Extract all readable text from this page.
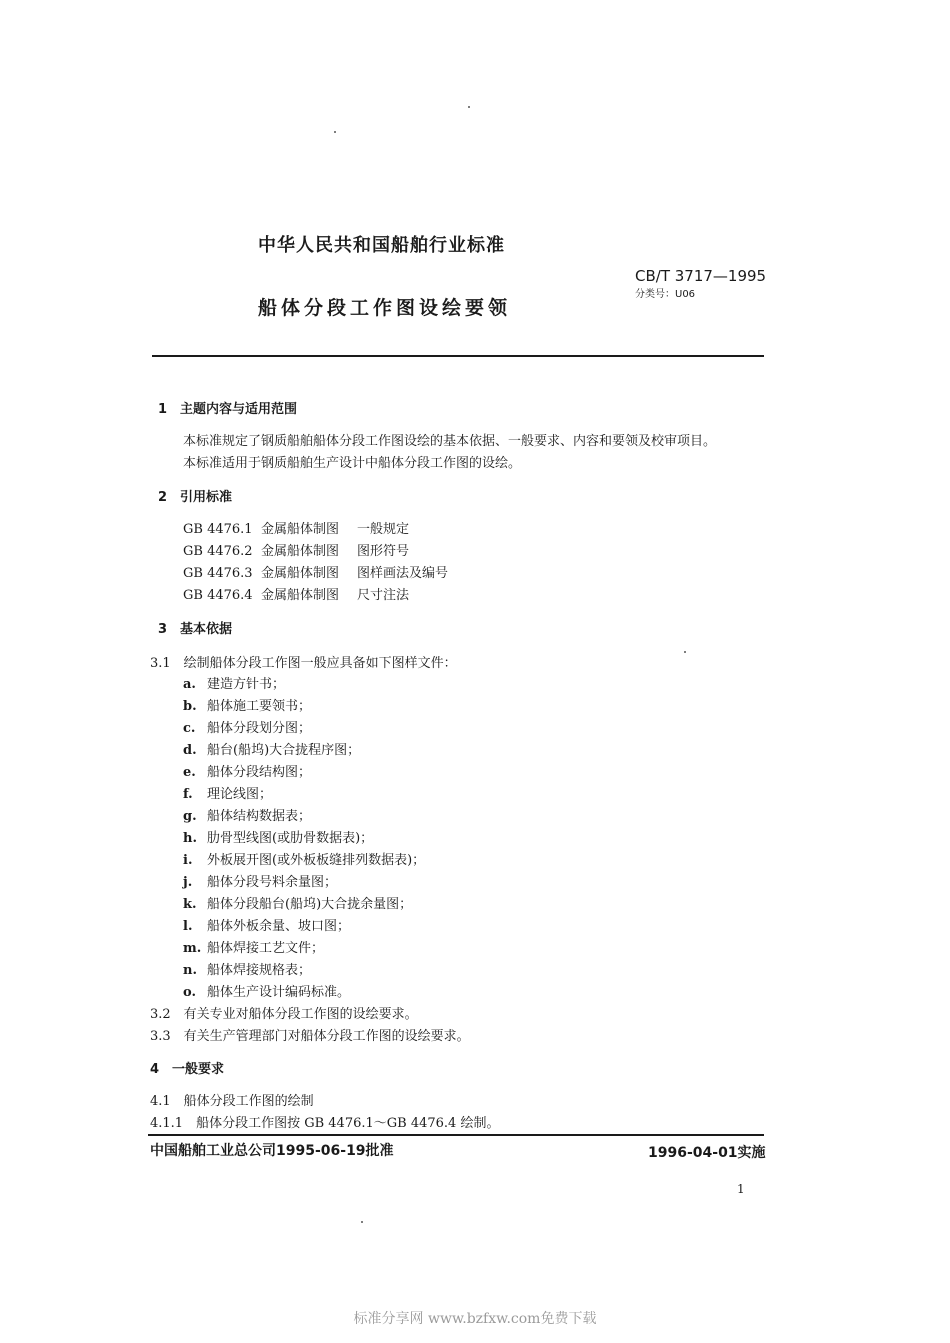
中华人民共和国船舶行业标准
船体分段工作图设绘要领
CB/T 3717—1995
分类号：U06
1　主题内容与适用范围
本标准规定了钢质船舶船体分段工作图设绘的基本依据、一般要求、内容和要领及校审项目。
本标准适用于钢质船舶生产设计中船体分段工作图的设绘。
2　引用标准
GB 4476.1 金属船体制图 一般规定
GB 4476.2 金属船体制图 图形符号
GB 4476.3 金属船体制图 图样画法及编号
GB 4476.4 金属船体制图 尺寸注法
3　基本依据
3.1　绘制船体分段工作图一般应具备如下图样文件：
a. 建造方针书；
b. 船体施工要领书；
c. 船体分段划分图；
d. 船台(船坞)大合拢程序图；
e. 船体分段结构图；
f. 理论线图；
g. 船体结构数据表；
h. 肋骨型线图(或肋骨数据表)；
i. 外板展开图(或外板板缝排列数据表)；
j. 船体分段号料余量图；
k. 船体分段船台(船坞)大合拢余量图；
l. 船体外板余量、坡口图；
m. 船体焊接工艺文件；
n. 船体焊接规格表；
o. 船体生产设计编码标准。
3.2　有关专业对船体分段工作图的设绘要求。
3.3　有关生产管理部门对船体分段工作图的设绘要求。
4　一般要求
4.1　船体分段工作图的绘制
4.1.1　船体分段工作图按 GB 4476.1～GB 4476.4 绘制。
中国船舶工业总公司1995-06-19批准	1996-04-01实施
1
标准分享网 www.bzfxw.com免费下载
